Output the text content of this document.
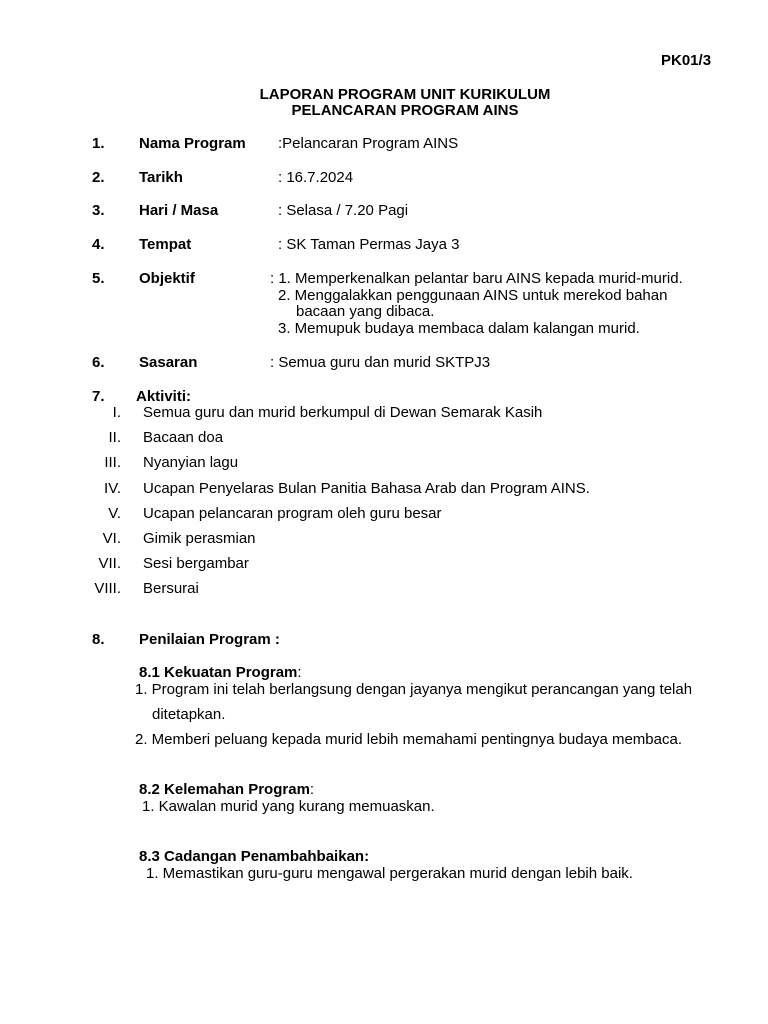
PK01/3
LAPORAN PROGRAM UNIT KURIKULUM
PELANCARAN PROGRAM AINS
1. Nama Program :Pelancaran Program AINS
2. Tarikh	: 16.7.2024
3. Hari / Masa	: Selasa / 7.20 Pagi
4. Tempat	: SK Taman Permas Jaya 3
5. Objektif	: 1. Memperkenalkan pelantar baru AINS kepada murid-murid.
2. Menggalakkan penggunaan AINS untuk merekod bahan
bacaan yang dibaca.
3. Memupuk budaya membaca dalam kalangan murid.
6. Sasaran	: Semua guru dan murid SKTPJ3
7. Aktiviti:
I. Semua guru dan murid berkumpul di Dewan Semarak Kasih
II. Bacaan doa
III. Nyanyian lagu
IV. Ucapan Penyelaras Bulan Panitia Bahasa Arab dan Program AINS.
V. Ucapan pelancaran program oleh guru besar
VI. Gimik perasmian
VII. Sesi bergambar
VIII. Bersurai
8. Penilaian Program :
8.1 Kekuatan Program:
1. Program ini telah berlangsung dengan jayanya mengikut perancangan yang telah
ditetapkan.
2. Memberi peluang kepada murid lebih memahami pentingnya budaya membaca.
8.2 Kelemahan Program:
1. Kawalan murid yang kurang memuaskan.
8.3 Cadangan Penambahbaikan:
1. Memastikan guru-guru mengawal pergerakan murid dengan lebih baik.
